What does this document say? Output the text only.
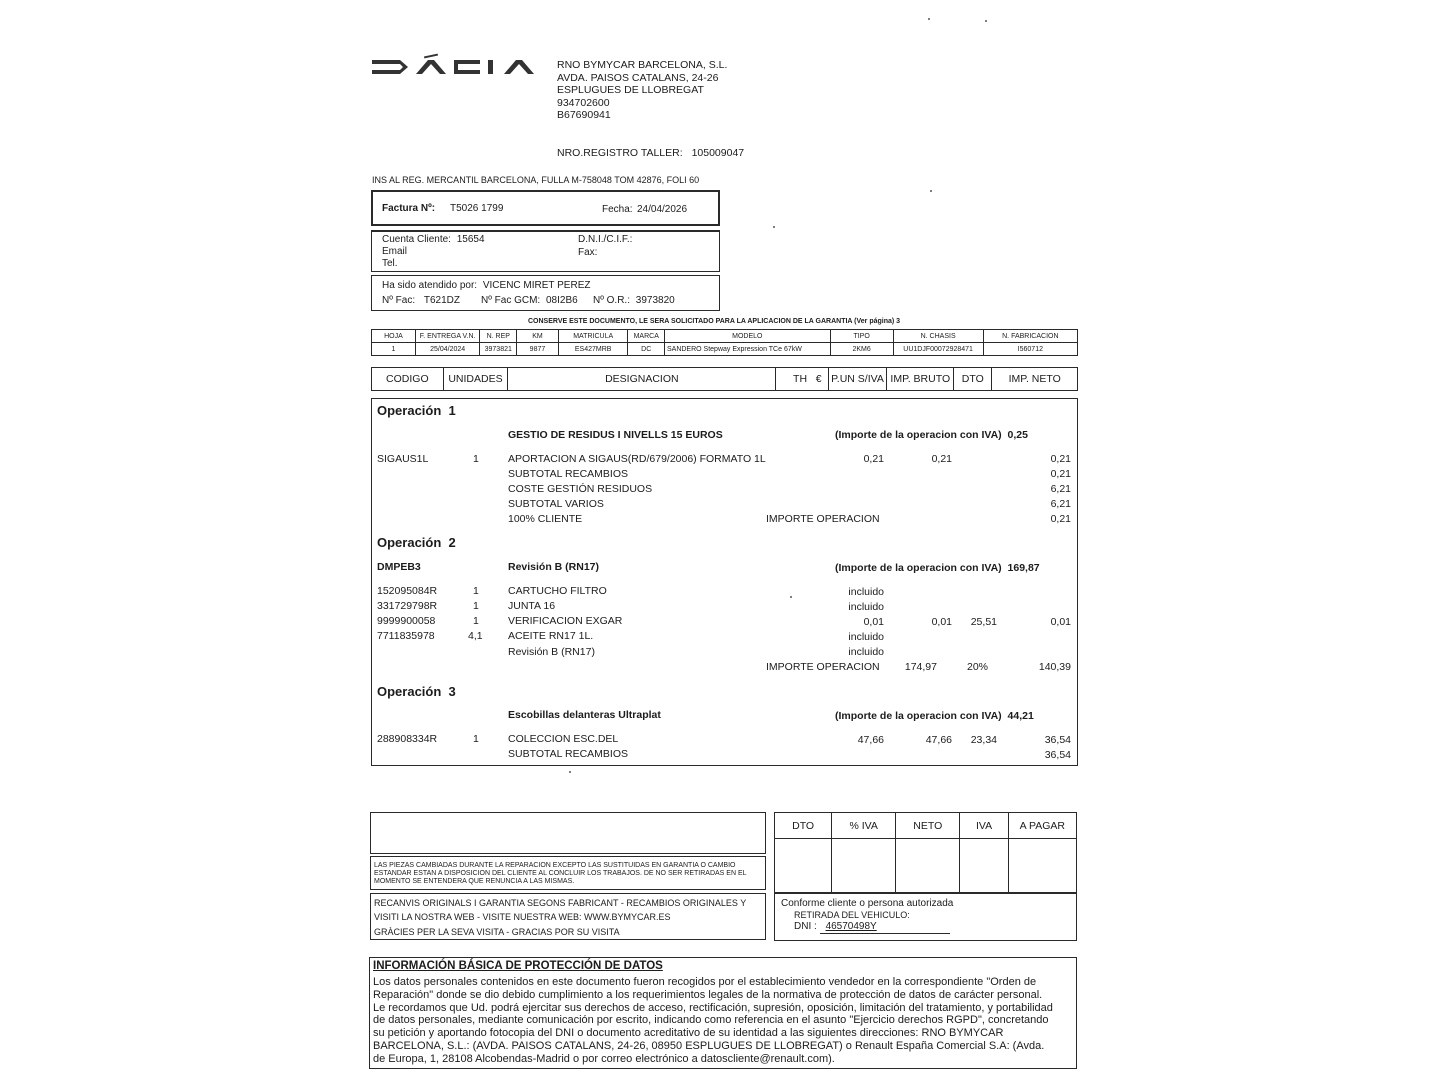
RNO BYMYCAR BARCELONA, S.L.
AVDA. PAISOS CATALANS, 24-26
ESPLUGUES DE LLOBREGAT
934702600
B67690941
NRO.REGISTRO TALLER: 105009047
INS AL REG. MERCANTIL BARCELONA, FULLA M-758048 TOM 42876, FOLI 60
Factura Nº: T5026 1799	Fecha: 24/04/2026
Cuenta Cliente: 15654
Email
Tel.
D.N.I./C.I.F.:
Fax:
Ha sido atendido por: VICENC MIRET PEREZ
Nº Fac: T621DZ Nº Fac GCM: 08I2B6 Nº O.R.: 3973820
CONSERVE ESTE DOCUMENTO, LE SERA SOLICITADO PARA LA APLICACION DE LA GARANTIA (Ver página) 3
HOJA	F. ENTREGA V.N.	N. REP	KM	MATRICULA	MARCA	MODELO	TIPO	N. CHASIS	N. FABRICACION
1	25/04/2024	3973821	9877	ES427MRB	DC	SANDERO Stepway Expression TCe 67kW	2KM6	UU1DJF00072928471	I560712
CODIGO	UNIDADES	DESIGNACION	TH €	P.UN S/IVA	IMP. BRUTO	DTO	IMP. NETO
Operación 1
GESTIO DE RESIDUS I NIVELLS 15 EUROS	(Importe de la operacion con IVA) 0,25
SIGAUS1L	1	APORTACION A SIGAUS(RD/679/2006) FORMATO 1L	0,21	0,21	0,21
SUBTOTAL RECAMBIOS	0,21
COSTE GESTIÓN RESIDUOS	6,21
SUBTOTAL VARIOS	6,21
100% CLIENTE	IMPORTE OPERACION	0,21
Operación 2
DMPEB3	Revisión B (RN17)	(Importe de la operacion con IVA) 169,87
152095084R	1	CARTUCHO FILTRO	incluido
331729798R	1	JUNTA 16	incluido
9999900058	1	VERIFICACION EXGAR	0,01	0,01	25,51	0,01
7711835978	4,1 ACEITE RN17 1L.	incluido
Revisión B (RN17)	incluido
IMPORTE OPERACION	174,97	20%	140,39
Operación 3
Escobillas delanteras Ultraplat	(Importe de la operacion con IVA) 44,21
288908334R	1	COLECCION ESC.DEL	47,66	47,66	23,34	36,54
SUBTOTAL RECAMBIOS	36,54
LAS PIEZAS CAMBIADAS DURANTE LA REPARACION EXCEPTO LAS SUSTITUIDAS EN GARANTIA O CAMBIO ESTANDAR ESTAN A DISPOSICION DEL CLIENTE AL CONCLUIR LOS TRABAJOS. DE NO SER RETIRADAS EN EL MOMENTO SE ENTENDERA QUE RENUNCIA A LAS MISMAS.
RECANVIS ORIGINALS I GARANTIA SEGONS FABRICANT - RECAMBIOS ORIGINALES Y
VISITI LA NOSTRA WEB - VISITE NUESTRA WEB: WWW.BYMYCAR.ES
GRÀCIES PER LA SEVA VISITA - GRACIAS POR SU VISITA
DTO	% IVA	NETO	IVA	A PAGAR

Conforme cliente o persona autorizada
RETIRADA DEL VEHICULO:
DNI : 46570498Y
INFORMACIÓN BÁSICA DE PROTECCIÓN DE DATOS
Los datos personales contenidos en este documento fueron recogidos por el establecimiento vendedor en la correspondiente "Orden de
Reparación" donde se dio debido cumplimiento a los requerimientos legales de la normativa de protección de datos de carácter personal.
Le recordamos que Ud. podrá ejercitar sus derechos de acceso, rectificación, supresión, oposición, limitación del tratamiento, y portabilidad
de datos personales, mediante comunicación por escrito, indicando como referencia en el asunto "Ejercicio derechos RGPD", concretando
su petición y aportando fotocopia del DNI o documento acreditativo de su identidad a las siguientes direcciones: RNO BYMYCAR
BARCELONA, S.L.: (AVDA. PAISOS CATALANS, 24-26, 08950 ESPLUGUES DE LLOBREGAT) o Renault España Comercial S.A: (Avda.
de Europa, 1, 28108 Alcobendas-Madrid o por correo electrónico a datoscliente@renault.com).
